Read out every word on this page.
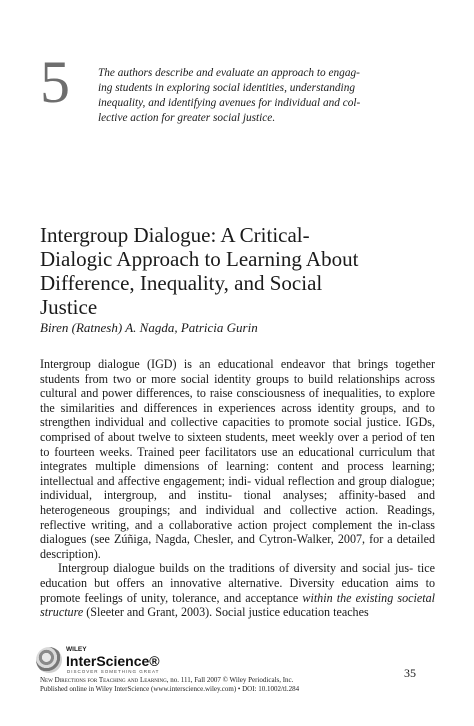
5 The authors describe and evaluate an approach to engag-

ing students in exploring social identities, understanding

inequality, and identifying avenues for individual and col-

lective action for greater social justice.

Intergroup Dialogue: A Critical-
Dialogic Approach to Learning About
Difference, Inequality, and Social
Justice
Biren (Ratnesh) A. Nagda, Patricia Gurin

Intergroup dialogue (IGD) is an educational endeavor that brings together students from two or more social identity groups to build relationships across cultural and power differences, to raise consciousness of inequalities, to explore the similarities and differences in experiences across identity groups, and to strengthen individual and collective capacities to promote social justice. IGDs, comprised of about twelve to sixteen students, meet weekly over a period of ten to fourteen weeks. Trained peer facilitators use an educational curriculum that integrates multiple dimensions of learning: content and process learning; intellectual and affective engagement; indi- vidual reflection and group dialogue; individual, intergroup, and institu- tional analyses; affinity-based and heterogeneous groupings; and individual and collective action. Readings, reflective writing, and a collaborative action project complement the in-class dialogues (see Zúñiga, Nagda, Chesler, and Cytron-Walker, 2007, for a detailed description).

Intergroup dialogue builds on the traditions of diversity and social jus- tice education but offers an innovative alternative. Diversity education aims to promote feelings of unity, tolerance, and acceptance within the existing societal structure (Sleeter and Grant, 2003). Social justice education teaches

WILEY
InterScience®
DISCOVER SOMETHING GREAT
New Directions for Teaching and Learning, no. 111, Fall 2007 © Wiley Periodicals, Inc.
Published online in Wiley InterScience (www.interscience.wiley.com) • DOI: 10.1002/tl.284
35
